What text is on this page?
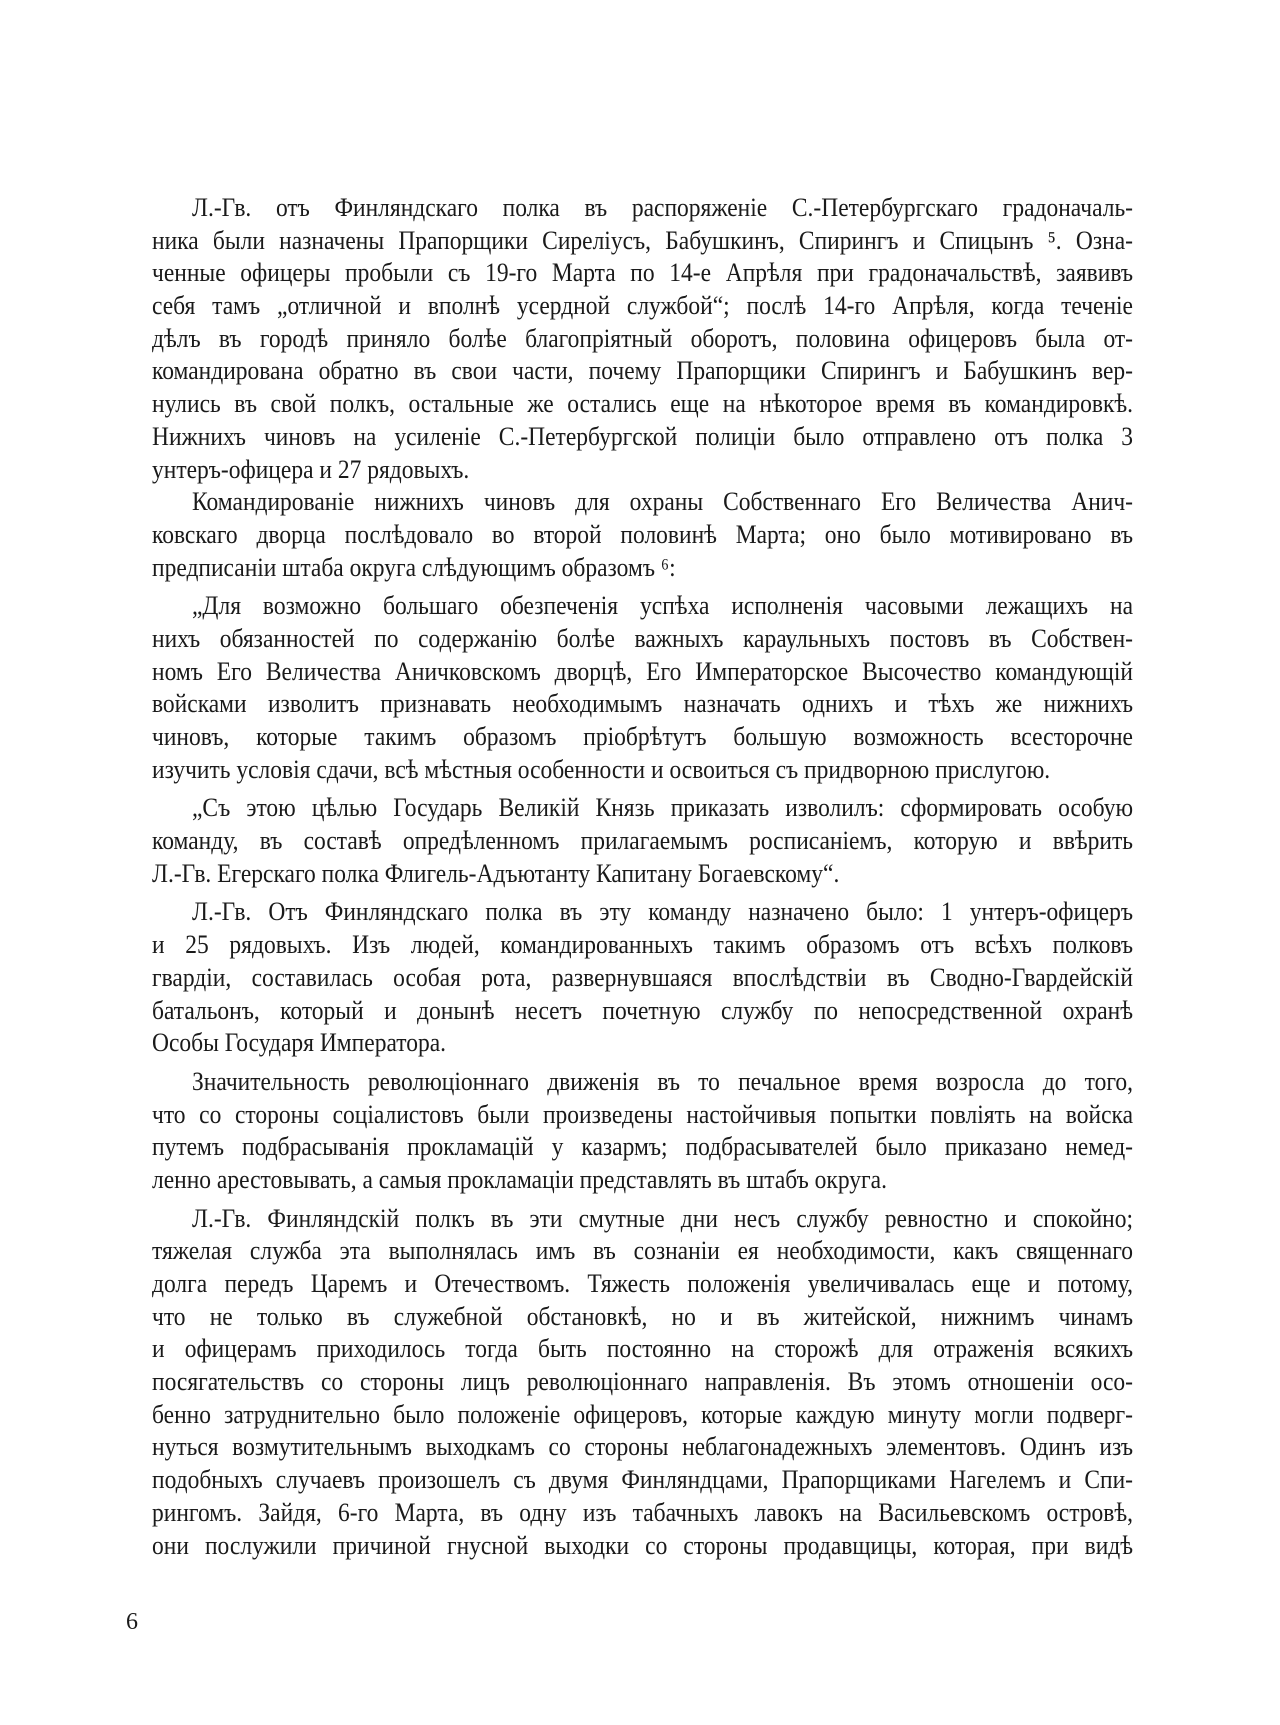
Л.-Гв. отъ Финляндскаго полка въ распоряженіе С.-Петербургскаго градоначаль-
ника были назначены Прапорщики Сиреліусъ, Бабушкинъ, Спирингъ и Спицынъ ⁵. Озна-
ченные офицеры пробыли съ 19-го Марта по 14-е Апрѣля при градоначальствѣ, заявивъ
себя тамъ „отличной и вполнѣ усердной службой“; послѣ 14-го Апрѣля, когда теченіе
дѣлъ въ городѣ приняло болѣе благопріятный оборотъ, половина офицеровъ была от-
командирована обратно въ свои части, почему Прапорщики Спирингъ и Бабушкинъ вер-
нулись въ свой полкъ, остальные же остались еще на нѣкоторое время въ командировкѣ.
Нижнихъ чиновъ на усиленіе С.-Петербургской полиціи было отправлено отъ полка 3
унтеръ-офицера и 27 рядовыхъ.
Командированіе нижнихъ чиновъ для охраны Собственнаго Его Величества Анич-
ковскаго дворца послѣдовало во второй половинѣ Марта; оно было мотивировано въ
предписаніи штаба округа слѣдующимъ образомъ ⁶:
„Для возможно большаго обезпеченія успѣха исполненія часовыми лежащихъ на
нихъ обязанностей по содержанію болѣе важныхъ караульныхъ постовъ въ Собствен-
номъ Его Величества Аничковскомъ дворцѣ, Его Императорское Высочество командующій
войсками изволитъ признавать необходимымъ назначать однихъ и тѣхъ же нижнихъ
чиновъ, которые такимъ образомъ пріобрѣтутъ большую возможность всесторочне
изучить условія сдачи, всѣ мѣстныя особенности и освоиться съ придворною прислугою.
„Съ этою цѣлью Государь Великій Князь приказать изволилъ: сформировать особую
команду, въ составѣ опредѣленномъ прилагаемымъ росписаніемъ, которую и ввѣрить
Л.-Гв. Егерскаго полка Флигель-Адъютанту Капитану Богаевскому“.
Л.-Гв. Отъ Финляндскаго полка въ эту команду назначено было: 1 унтеръ-офицеръ
и 25 рядовыхъ. Изъ людей, командированныхъ такимъ образомъ отъ всѣхъ полковъ
гвардіи, составилась особая рота, развернувшаяся впослѣдствіи въ Сводно-Гвардейскій
батальонъ, который и донынѣ несетъ почетную службу по непосредственной охранѣ
Особы Государя Императора.
Значительность революціоннаго движенія въ то печальное время возросла до того,
что со стороны соціалистовъ были произведены настойчивыя попытки повліять на войска
путемъ подбрасыванія прокламацій у казармъ; подбрасывателей было приказано немед-
ленно арестовывать, а самыя прокламаціи представлять въ штабъ округа.
Л.-Гв. Финляндскій полкъ въ эти смутные дни несъ службу ревностно и спокойно;
тяжелая служба эта выполнялась имъ въ сознаніи ея необходимости, какъ священнаго
долга передъ Царемъ и Отечествомъ. Тяжесть положенія увеличивалась еще и потому,
что не только въ служебной обстановкѣ, но и въ житейской, нижнимъ чинамъ
и офицерамъ приходилось тогда быть постоянно на сторожѣ для отраженія всякихъ
посягательствъ со стороны лицъ революціоннаго направленія. Въ этомъ отношеніи осо-
бенно затруднительно было положеніе офицеровъ, которые каждую минуту могли подверг-
нуться возмутительнымъ выходкамъ со стороны неблагонадежныхъ элементовъ. Одинъ изъ
подобныхъ случаевъ произошелъ съ двумя Финляндцами, Прапорщиками Нагелемъ и Спи-
рингомъ. Зайдя, 6-го Марта, въ одну изъ табачныхъ лавокъ на Васильевскомъ островѣ,
они послужили причиной гнусной выходки со стороны продавщицы, которая, при видѣ
6
